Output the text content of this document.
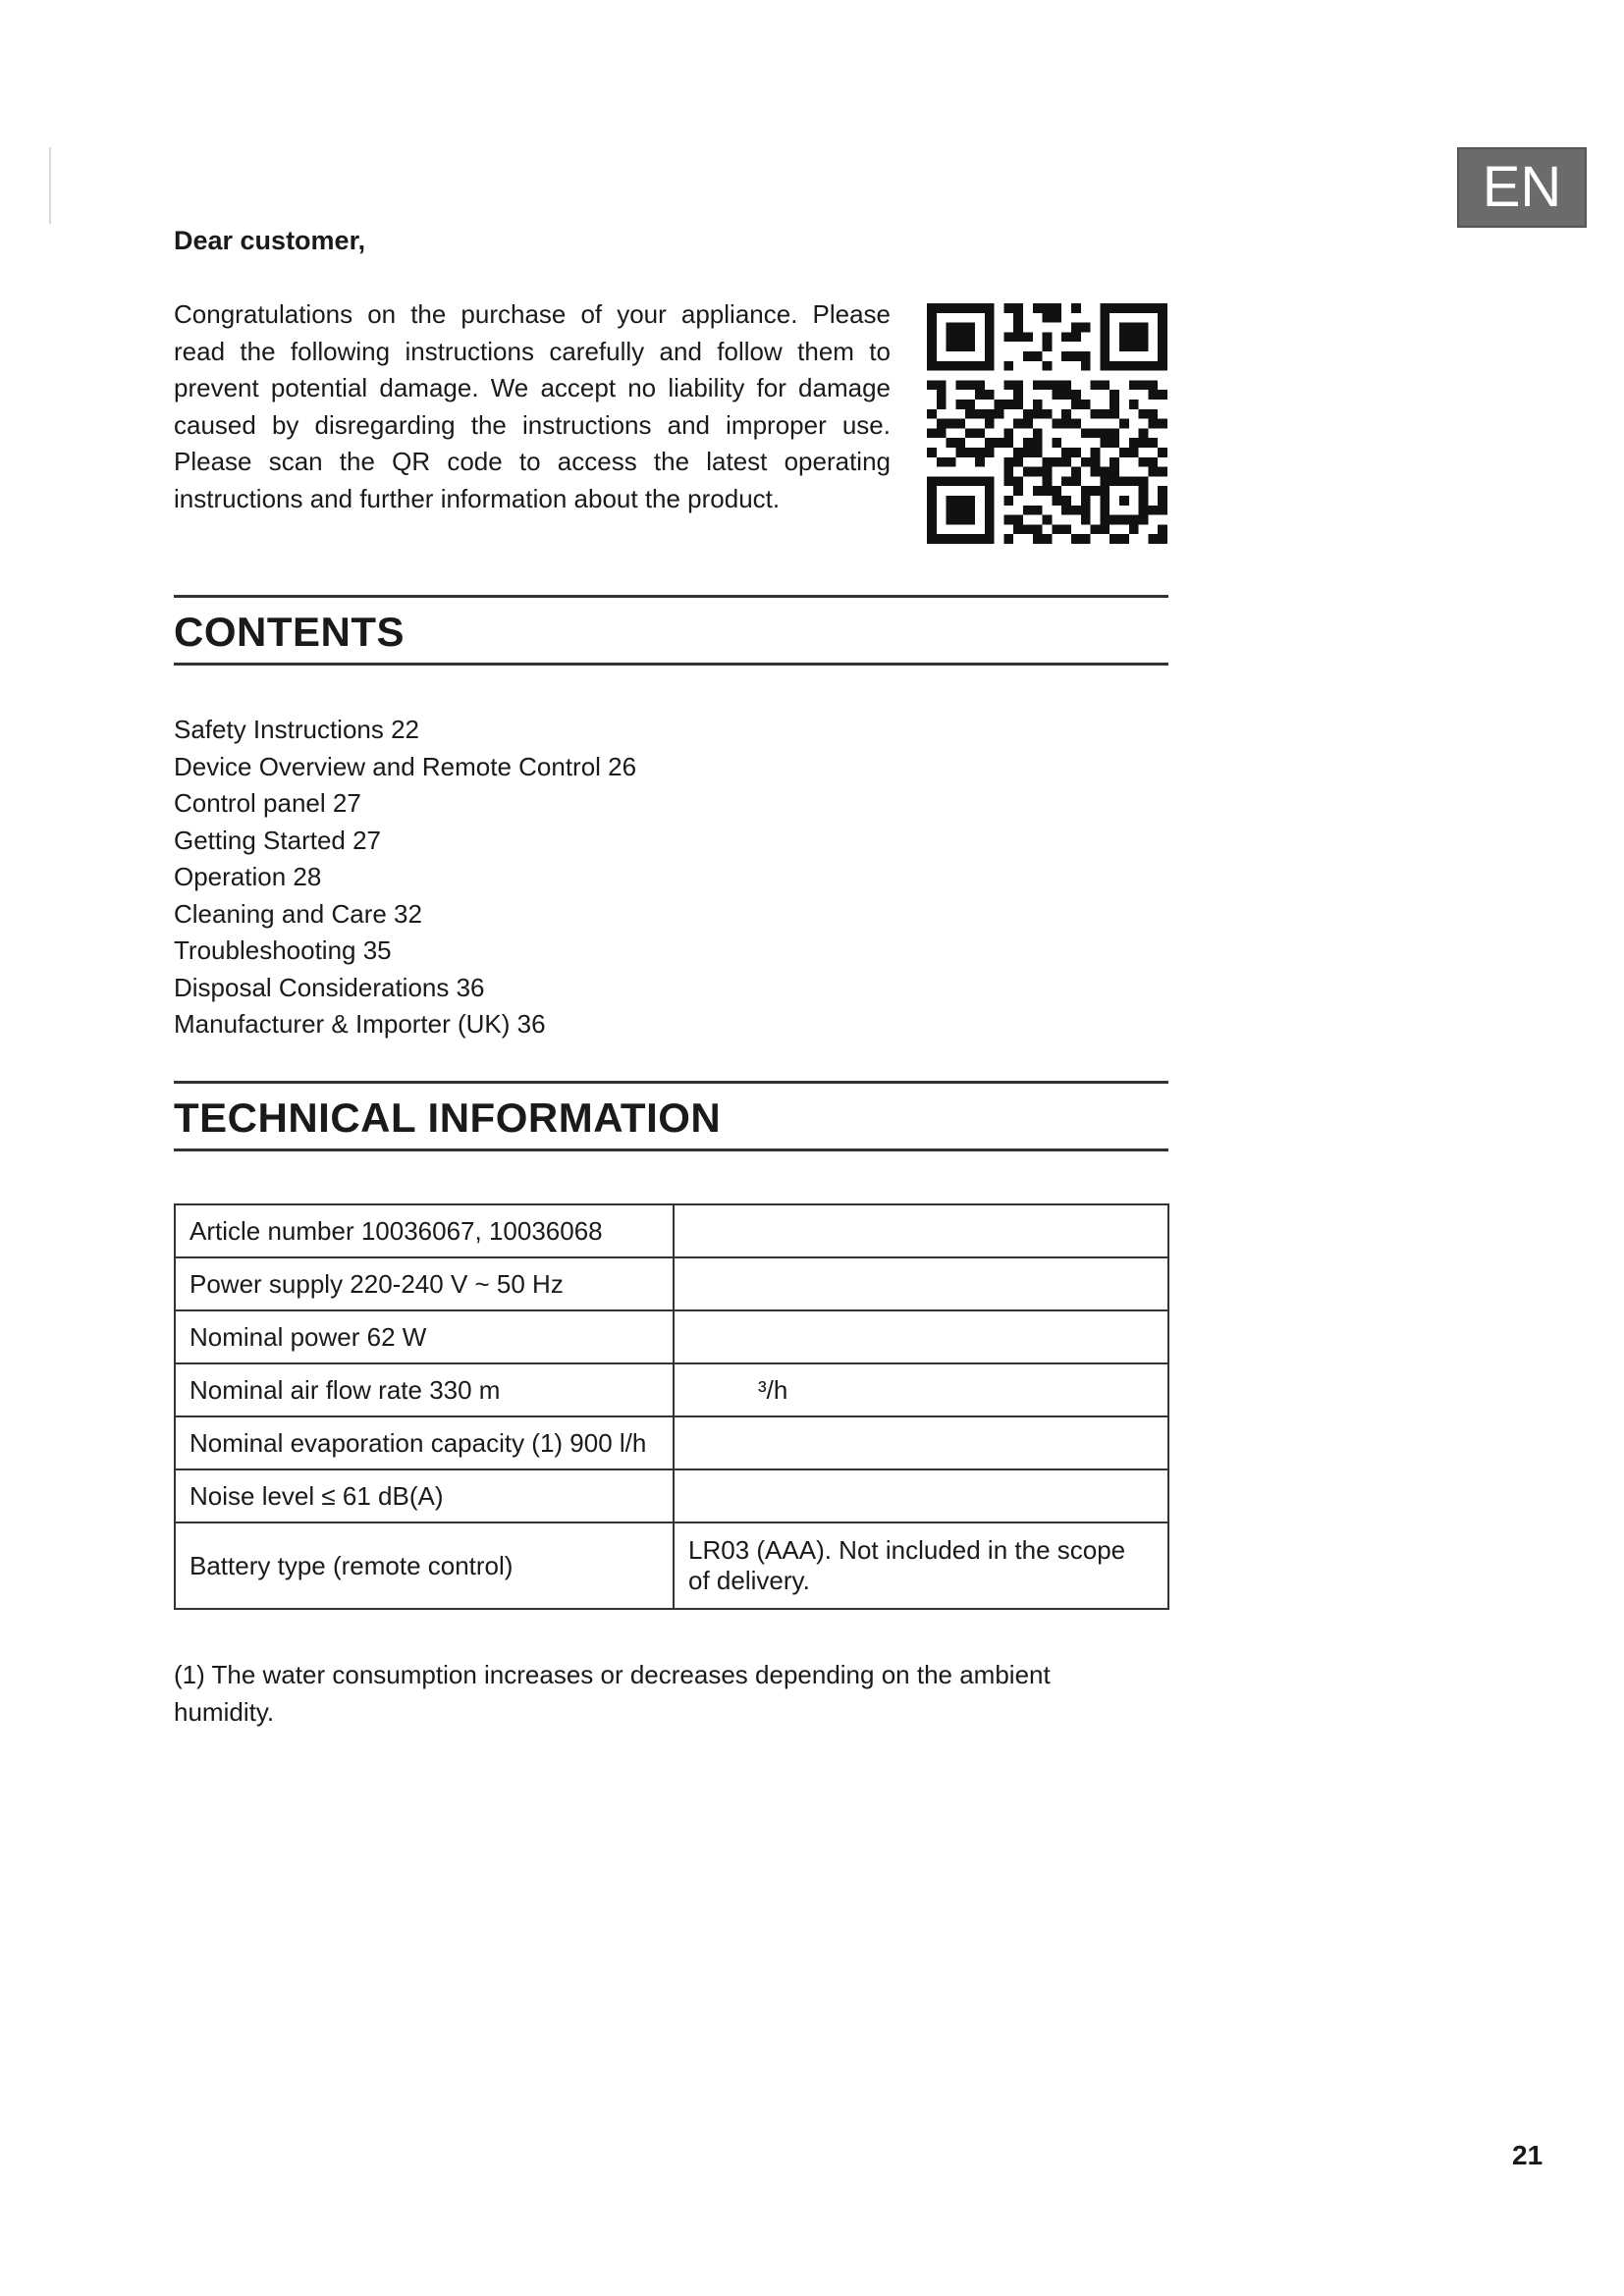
EN
Dear customer,
Congratulations on the purchase of your appliance. Please read the following instructions carefully and follow them to prevent potential damage. We accept no liability for damage caused by disregarding the instructions and improper use. Please scan the QR code to access the latest operating instructions and further information about the product.
CONTENTS
Safety Instructions 22
Device Overview and Remote Control 26
Control panel 27
Getting Started 27
Operation 28
Cleaning and Care 32
Troubleshooting 35
Disposal Considerations 36
Manufacturer & Importer (UK) 36
TECHNICAL INFORMATION
Article number 10036067, 10036068	
Power supply 220-240 V ~ 50 Hz	
Nominal power 62 W	
Nominal air flow rate 330 m	³/h
Nominal evaporation capacity (1) 900 l/h	
Noise level ≤ 61 dB(A)	
Battery type (remote control)	LR03 (AAA). Not included in the scope of delivery.
(1) The water consumption increases or decreases depending on the ambient humidity.
21
